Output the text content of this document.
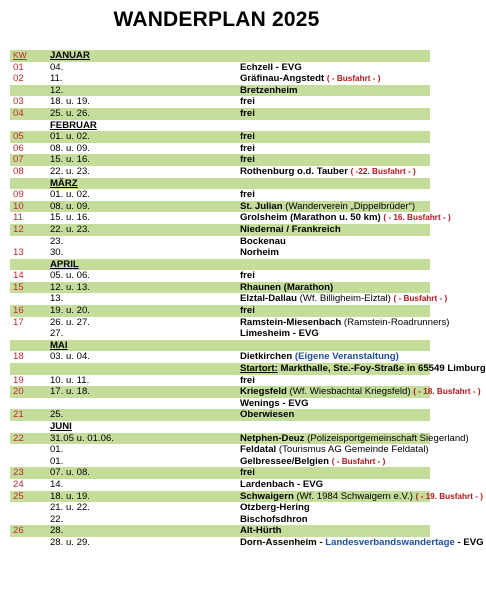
WANDERPLAN 2025
KW	JANUAR	
01	04.	Echzell - EVG
02	11.	Gräfinau-Angstedt ( - Busfahrt - )
	12.	Bretzenheim
03	18. u. 19.	frei
04	25. u. 26.	frei
	FEBRUAR	
05	01. u. 02.	frei
06	08. u. 09.	frei
07	15. u. 16.	frei
08	22. u. 23.	Rothenburg o.d. Tauber ( -22. Busfahrt - )
	MÄRZ	
09	01. u. 02.	frei
10	08. u. 09.	St. Julian (Wanderverein „Dippelbrüder“)
11	15. u. 16.	Grolsheim (Marathon u. 50 km) ( - 16. Busfahrt - )
12	22. u. 23.	Niedernai / Frankreich
	23.	Bockenau
13	30.	Norheim
	APRIL	
14	05. u. 06.	frei
15	12. u. 13.	Rhaunen (Marathon)
	13.	Elztal-Dallau (Wf. Billigheim-Elztal) ( - Busfahrt - )
16	19. u. 20.	frei
17	26. u. 27.	Ramstein-Miesenbach (Ramstein-Roadrunners)
	27.	Limesheim - EVG
	MAI	
18	03. u. 04.	Dietkirchen (Eigene Veranstaltung)
		Startort: Markthalle, Ste.-Foy-Straße in 65549 Limburg
19	10. u. 11.	frei
20	17. u. 18.	Kriegsfeld (Wf. Wiesbachtal Kriegsfeld) ( - 18. Busfahrt - )
		Wenings - EVG
21	25.	Oberwiesen
	JUNI	
22	31.05 u. 01.06.	Netphen-Deuz (Polizeisportgemeinschaft Siegerland)
	01.	Feldatal (Tourismus AG Gemeinde Feldatal)
	01.	Gelbressee/Belgien ( - Busfahrt - )
23	07. u. 08.	frei
24	14.	Lardenbach - EVG
25	18. u. 19.	Schwaigern (Wf. 1984 Schwaigern e.V.) ( - 19. Busfahrt - )
	21. u. 22.	Otzberg-Hering
	22.	Bischofsdhron
26	28.	Alt-Hürth
	28. u. 29.	Dorn-Assenheim - Landesverbandswandertage - EVG
